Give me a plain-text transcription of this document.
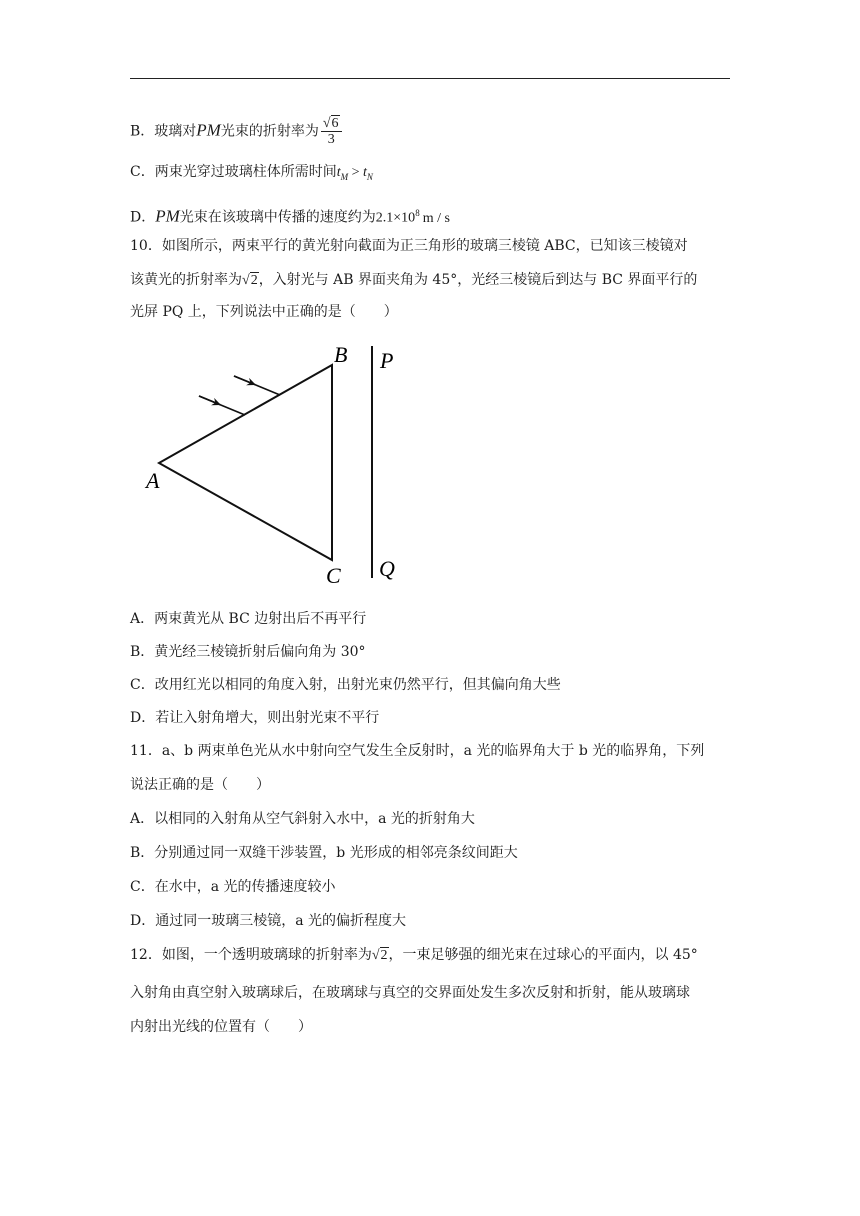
B．玻璃对PM光束的折射率为 $\frac{√6}{3}$
C．两束光穿过玻璃柱体所需时间$t_M > t_N$
D．PM光束在该玻璃中传播的速度约为$2.1\times 10^8$ m / s
10．如图所示，两束平行的黄光射向截面为正三角形的玻璃三棱镜 ABC，已知该三棱镜对
该黄光的折射率为√2，入射光与 AB 界面夹角为 45°，光经三棱镜后到达与 BC 界面平行的
光屏 PQ 上，下列说法中正确的是（　　）
A
B
C
P
Q
A．两束黄光从 BC 边射出后不再平行
B．黄光经三棱镜折射后偏向角为 30°
C．改用红光以相同的角度入射，出射光束仍然平行，但其偏向角大些
D．若让入射角增大，则出射光束不平行
11．a、b 两束单色光从水中射向空气发生全反射时，a 光的临界角大于 b 光的临界角，下列
说法正确的是（　　）
A．以相同的入射角从空气斜射入水中，a 光的折射角大
B．分别通过同一双缝干涉装置，b 光形成的相邻亮条纹间距大
C．在水中，a 光的传播速度较小
D．通过同一玻璃三棱镜，a 光的偏折程度大
12．如图，一个透明玻璃球的折射率为√2，一束足够强的细光束在过球心的平面内，以 45°
入射角由真空射入玻璃球后，在玻璃球与真空的交界面处发生多次反射和折射，能从玻璃球
内射出光线的位置有（　　）
